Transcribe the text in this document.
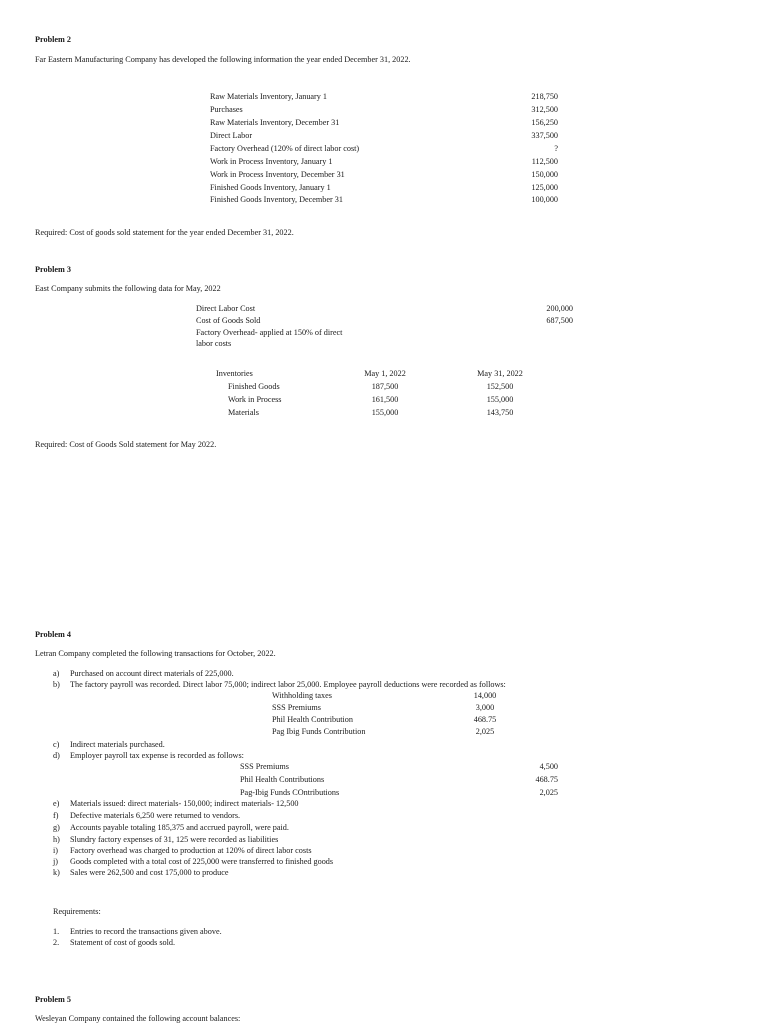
Problem 2
Far Eastern Manufacturing Company has developed the following information the year ended December 31, 2022.
Raw Materials Inventory, January 1	218,750
Purchases	312,500
Raw Materials Inventory, December 31	156,250
Direct Labor	337,500
Factory Overhead (120% of direct labor cost)	?
Work in Process Inventory, January 1	112,500
Work in Process Inventory, December 31	150,000
Finished Goods Inventory, January 1	125,000
Finished Goods Inventory, December 31	100,000
Required: Cost of goods sold statement for the year ended December 31, 2022.
Problem 3
East Company submits the following data for May, 2022
Direct Labor Cost	200,000
Cost of Goods Sold	687,500
Factory Overhead- applied at 150% of direct
labor costs
Inventories	May 1, 2022	May 31, 2022
Finished Goods	187,500	152,500
Work in Process	161,500	155,000
Materials	155,000	143,750
Required: Cost of Goods Sold statement for May 2022.
Problem 4
Letran Company completed the following transactions for October, 2022.
a) Purchased on account direct materials of 225,000.
b) The factory payroll was recorded. Direct labor 75,000; indirect labor 25,000. Employee payroll deductions were recorded as follows:
Withholding taxes	14,000
SSS Premiums	3,000
Phil Health Contribution	468.75
Pag Ibig Funds Contribution	2,025
c) Indirect materials purchased.
d) Employer payroll tax expense is recorded as follows:
SSS Premiums	4,500
Phil Health Contributions	468.75
Pag-Ibig Funds COntributions	2,025
e) Materials issued: direct materials- 150,000; indirect materials- 12,500
f) Defective materials 6,250 were returned to vendors.
g) Accounts payable totaling 185,375 and accrued payroll, were paid.
h) Slundry factory expenses of 31, 125 were recorded as liabilities
i) Factory overhead was charged to production at 120% of direct labor costs
j) Goods completed with a total cost of 225,000 were transferred to finished goods
k) Sales were 262,500 and cost 175,000 to produce
Requirements:
1. Entries to record the transactions given above.
2. Statement of cost of goods sold.
Problem 5
Wesleyan Company contained the following account balances:
